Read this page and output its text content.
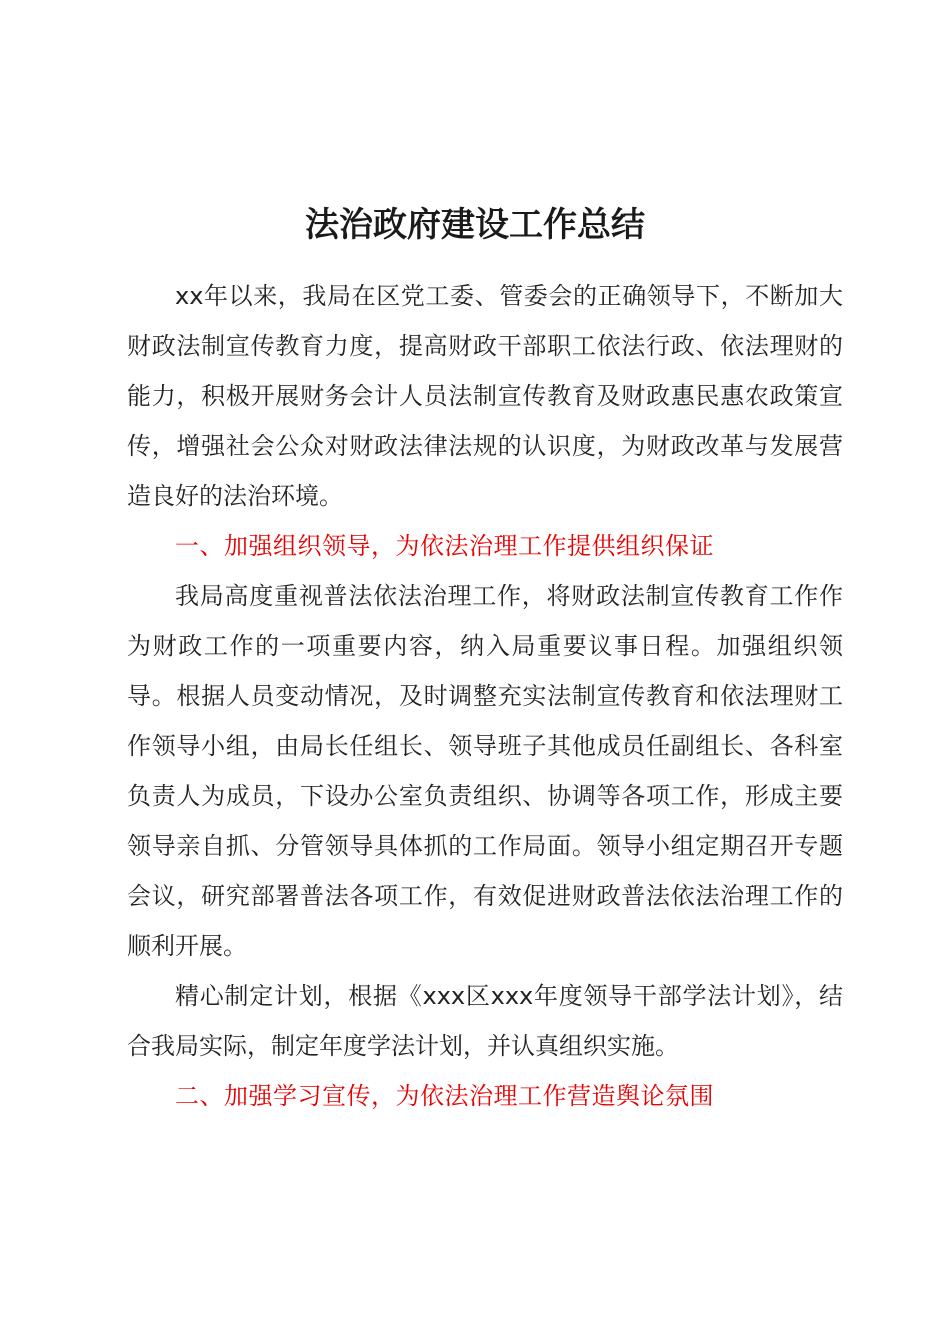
法治政府建设工作总结

xx年以来，我局在区党工委、管委会的正确领导下，不断加大财政法制宣传教育力度，提高财政干部职工依法行政、依法理财的能力，积极开展财务会计人员法制宣传教育及财政惠民惠农政策宣传，增强社会公众对财政法律法规的认识度，为财政改革与发展营造良好的法治环境。

一、加强组织领导，为依法治理工作提供组织保证

我局高度重视普法依法治理工作，将财政法制宣传教育工作作为财政工作的一项重要内容，纳入局重要议事日程。加强组织领导。根据人员变动情况，及时调整充实法制宣传教育和依法理财工作领导小组，由局长任组长、领导班子其他成员任副组长、各科室负责人为成员，下设办公室负责组织、协调等各项工作，形成主要领导亲自抓、分管领导具体抓的工作局面。领导小组定期召开专题会议，研究部署普法各项工作，有效促进财政普法依法治理工作的顺利开展。

精心制定计划，根据《xxx区xxx年度领导干部学法计划》，结合我局实际，制定年度学法计划，并认真组织实施。

二、加强学习宣传，为依法治理工作营造舆论氛围
